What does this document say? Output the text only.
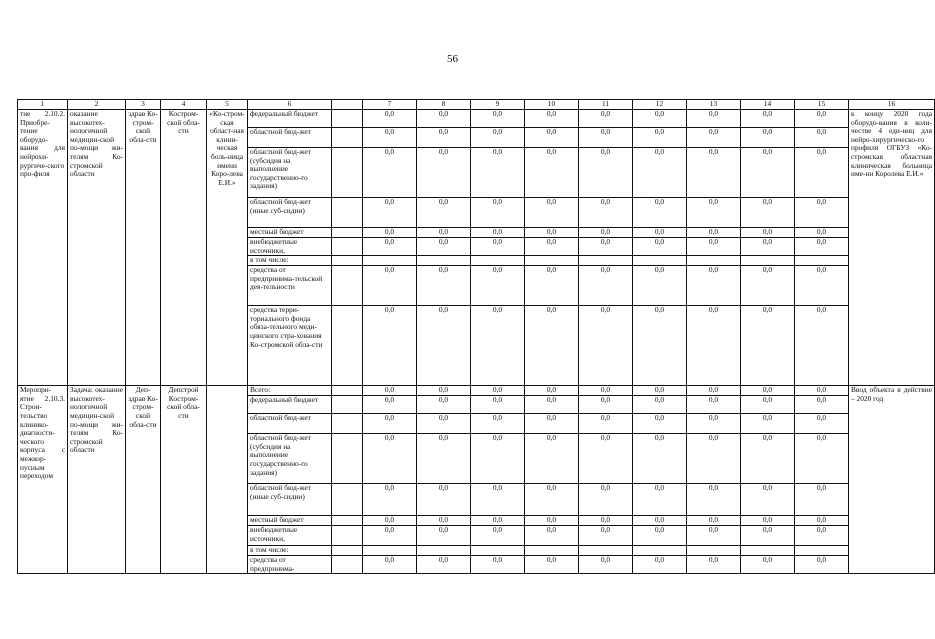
56
1	2	3	4	5	6		7	8	9	10	11	12	13	14	15	16
тие 2.10.2. Приобре-тение оборудо-вания для нейрохи-рургиче-ского про-филя	оказание высокотех-нологичной медицин-ской по-мощи жи-телям Ко-стромской области	здрав Ко-стром-ской обла-сти	Костром-ской обла-сти	«Ко-стром-ская област-ная клини-ческая боль-ница имени Коро-лева Е.И.»	федеральный бюджет		0,0	0,0	0,0	0,0	0,0	0,0	0,0	0,0	0,0	к концу 2020 года оборудо-вания в коли-честве 4 еди-ниц для нейро-хирургическо-го профиля ОГБУЗ «Ко-стромская областная клиническая больница име-ни Королева Е.И.»
					областной бюд-жет		0,0	0,0	0,0	0,0	0,0	0,0	0,0	0,0	0,0	
					областной бюд-жет (субсидия на выполнение государственно-го задания)		0,0	0,0	0,0	0,0	0,0	0,0	0,0	0,0	0,0	
					областной бюд-жет (иные суб-сидии)		0,0	0,0	0,0	0,0	0,0	0,0	0,0	0,0	0,0	
					местный бюджет		0,0	0,0	0,0	0,0	0,0	0,0	0,0	0,0	0,0	
					внебюджетные источники,		0,0	0,0	0,0	0,0	0,0	0,0	0,0	0,0	0,0	
					в том числе:											
					средства от предпринима-тельской дея-тельности		0,0	0,0	0,0	0,0	0,0	0,0	0,0	0,0	0,0	
					средства терри-ториального фонда обяза-тельного меди-цинского стра-хования Ко-стромской обла-сти		0,0	0,0	0,0	0,0	0,0	0,0	0,0	0,0	0,0	
Меропри-ятие 2.10.3. Строи-тельство клинико-диагности-ческого корпуса с межкор-пусным переходом	Задача: оказание высокотех-нологичной медицин-ской по-мощи жи-телям Ко-стромской области	Деп-здрав Ко-стром-ской обла-сти	Депстрой Костром-ской обла-сти		Всего:		0,0	0,0	0,0	0,0	0,0	0,0	0,0	0,0	0,0	Ввод объекта в действие – 2020 год
					федеральный бюджет		0,0	0,0	0,0	0,0	0,0	0,0	0,0	0,0	0,0	
					областной бюд-жет		0,0	0,0	0,0	0,0	0,0	0,0	0,0	0,0	0,0	
					областной бюд-жет (субсидия на выполнение государственно-го задания)		0,0	0,0	0,0	0,0	0,0	0,0	0,0	0,0	0,0	
					областной бюд-жет (иные суб-сидии)		0,0	0,0	0,0	0,0	0,0	0,0	0,0	0,0	0,0	
					местный бюджет		0,0	0,0	0,0	0,0	0,0	0,0	0,0	0,0	0,0	
					внебюджетные источники,		0,0	0,0	0,0	0,0	0,0	0,0	0,0	0,0	0,0	
					в том числе:											
					средства от предпринима-		0,0	0,0	0,0	0,0	0,0	0,0	0,0	0,0	0,0	
